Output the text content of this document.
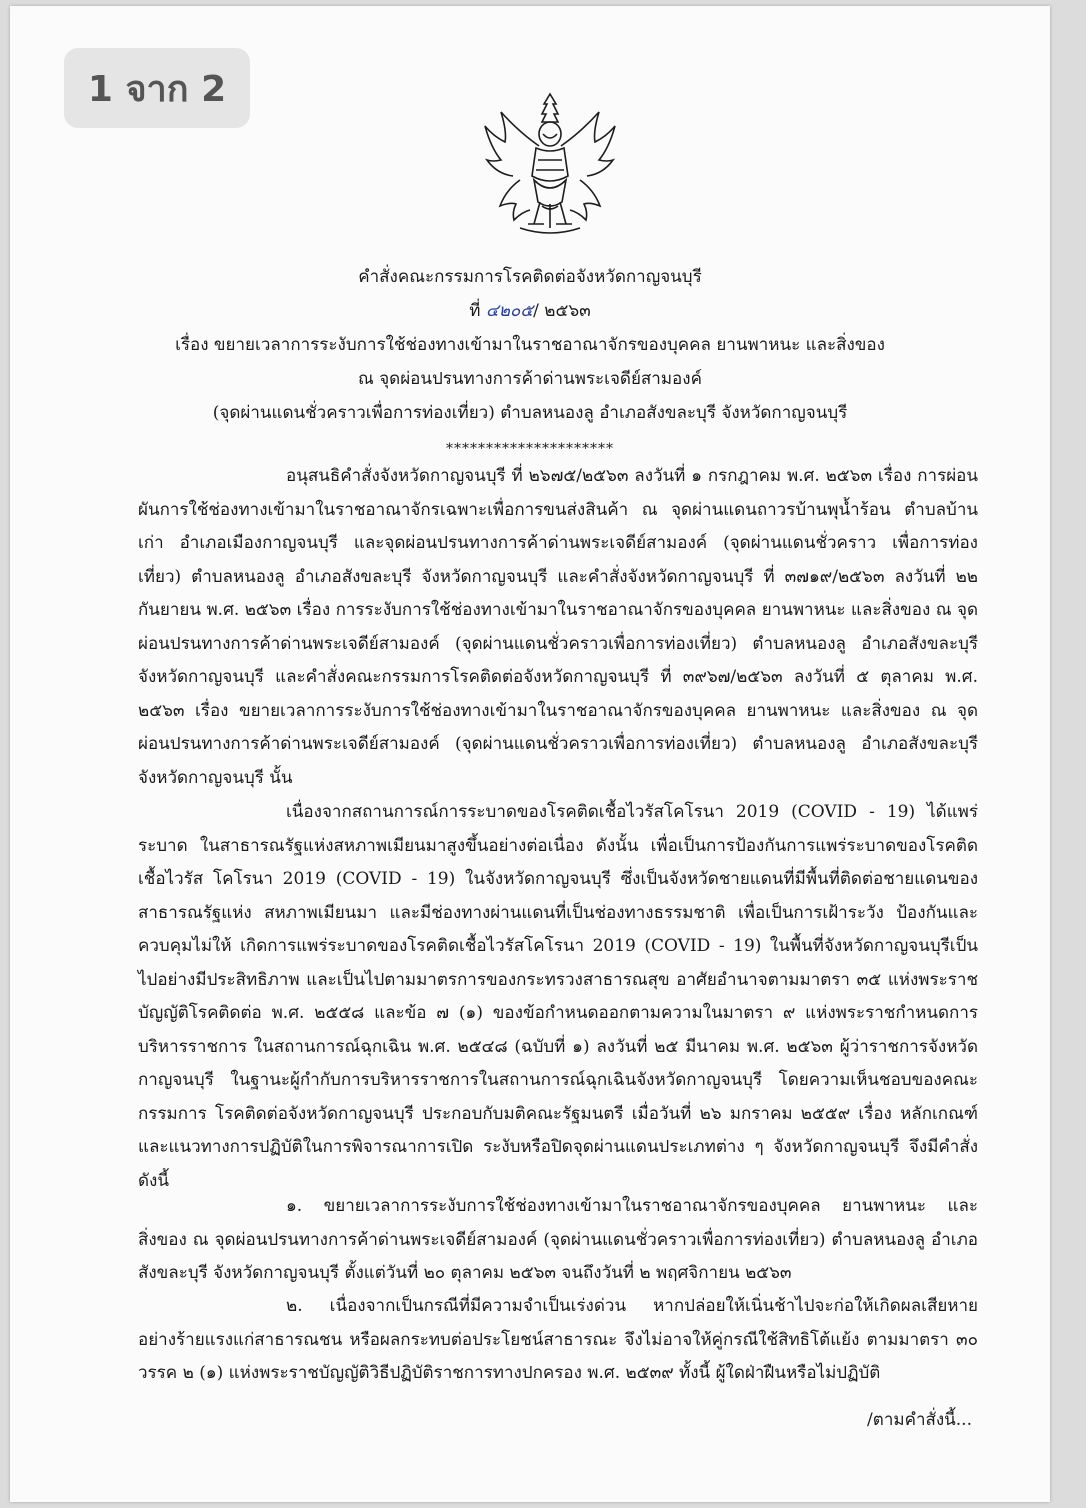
1 จาก 2
คำสั่งคณะกรรมการโรคติดต่อจังหวัดกาญจนบุรี
ที่ ๔๒๐๕/ ๒๕๖๓
เรื่อง ขยายเวลาการระงับการใช้ช่องทางเข้ามาในราชอาณาจักรของบุคคล ยานพาหนะ และสิ่งของ
ณ จุดผ่อนปรนทางการค้าด่านพระเจดีย์สามองค์
(จุดผ่านแดนชั่วคราวเพื่อการท่องเที่ยว) ตำบลหนองลู อำเภอสังขละบุรี จังหวัดกาญจนบุรี
*********************

อนุสนธิคำสั่งจังหวัดกาญจนบุรี ที่ ๒๖๗๕/๒๕๖๓ ลงวันที่ ๑ กรกฎาคม พ.ศ. ๒๕๖๓ เรื่อง การผ่อนผันการใช้ช่องทางเข้ามาในราชอาณาจักรเฉพาะเพื่อการขนส่งสินค้า ณ จุดผ่านแดนถาวรบ้านพุน้ำร้อน ตำบลบ้านเก่า อำเภอเมืองกาญจนบุรี และจุดผ่อนปรนทางการค้าด่านพระเจดีย์สามองค์ (จุดผ่านแดนชั่วคราว เพื่อการท่องเที่ยว) ตำบลหนองลู อำเภอสังขละบุรี จังหวัดกาญจนบุรี และคำสั่งจังหวัดกาญจนบุรี ที่ ๓๗๑๙/๒๕๖๓ ลงวันที่ ๒๒ กันยายน พ.ศ. ๒๕๖๓ เรื่อง การระงับการใช้ช่องทางเข้ามาในราชอาณาจักรของบุคคล ยานพาหนะ และสิ่งของ ณ จุดผ่อนปรนทางการค้าด่านพระเจดีย์สามองค์ (จุดผ่านแดนชั่วคราวเพื่อการท่องเที่ยว) ตำบลหนองลู อำเภอสังขละบุรี จังหวัดกาญจนบุรี และคำสั่งคณะกรรมการโรคติดต่อจังหวัดกาญจนบุรี ที่ ๓๙๖๗/๒๕๖๓ ลงวันที่ ๕ ตุลาคม พ.ศ. ๒๕๖๓ เรื่อง ขยายเวลาการระงับการใช้ช่องทางเข้ามาในราชอาณาจักรของบุคคล ยานพาหนะ และสิ่งของ ณ จุดผ่อนปรนทางการค้าด่านพระเจดีย์สามองค์ (จุดผ่านแดนชั่วคราวเพื่อการท่องเที่ยว) ตำบลหนองลู อำเภอสังขละบุรี จังหวัดกาญจนบุรี นั้น

เนื่องจากสถานการณ์การระบาดของโรคติดเชื้อไวรัสโคโรนา 2019 (COVID - 19) ได้แพร่ระบาด ในสาธารณรัฐแห่งสหภาพเมียนมาสูงขึ้นอย่างต่อเนื่อง ดังนั้น เพื่อเป็นการป้องกันการแพร่ระบาดของโรคติดเชื้อไวรัส โคโรนา 2019 (COVID - 19) ในจังหวัดกาญจนบุรี ซึ่งเป็นจังหวัดชายแดนที่มีพื้นที่ติดต่อชายแดนของสาธารณรัฐแห่ง สหภาพเมียนมา และมีช่องทางผ่านแดนที่เป็นช่องทางธรรมชาติ เพื่อเป็นการเฝ้าระวัง ป้องกันและควบคุมไม่ให้ เกิดการแพร่ระบาดของโรคติดเชื้อไวรัสโคโรนา 2019 (COVID - 19) ในพื้นที่จังหวัดกาญจนบุรีเป็นไปอย่างมีประสิทธิภาพ และเป็นไปตามมาตรการของกระทรวงสาธารณสุข อาศัยอำนาจตามมาตรา ๓๕ แห่งพระราชบัญญัติโรคติดต่อ พ.ศ. ๒๕๕๘ และข้อ ๗ (๑) ของข้อกำหนดออกตามความในมาตรา ๙ แห่งพระราชกำหนดการบริหารราชการ ในสถานการณ์ฉุกเฉิน พ.ศ. ๒๕๔๘ (ฉบับที่ ๑) ลงวันที่ ๒๕ มีนาคม พ.ศ. ๒๕๖๓ ผู้ว่าราชการจังหวัดกาญจนบุรี ในฐานะผู้กำกับการบริหารราชการในสถานการณ์ฉุกเฉินจังหวัดกาญจนบุรี โดยความเห็นชอบของคณะกรรมการ โรคติดต่อจังหวัดกาญจนบุรี ประกอบกับมติคณะรัฐมนตรี เมื่อวันที่ ๒๖ มกราคม ๒๕๕๙ เรื่อง หลักเกณฑ์ และแนวทางการปฏิบัติในการพิจารณาการเปิด ระงับหรือปิดจุดผ่านแดนประเภทต่าง ๆ จังหวัดกาญจนบุรี จึงมีคำสั่ง ดังนี้

๑. ขยายเวลาการระงับการใช้ช่องทางเข้ามาในราชอาณาจักรของบุคคล ยานพาหนะ และสิ่งของ ณ จุดผ่อนปรนทางการค้าด่านพระเจดีย์สามองค์ (จุดผ่านแดนชั่วคราวเพื่อการท่องเที่ยว) ตำบลหนองลู อำเภอสังขละบุรี จังหวัดกาญจนบุรี ตั้งแต่วันที่ ๒๐ ตุลาคม ๒๕๖๓ จนถึงวันที่ ๒ พฤศจิกายน ๒๕๖๓

๒. เนื่องจากเป็นกรณีที่มีความจำเป็นเร่งด่วน หากปล่อยให้เนิ่นช้าไปจะก่อให้เกิดผลเสียหาย อย่างร้ายแรงแก่สาธารณชน หรือผลกระทบต่อประโยชน์สาธารณะ จึงไม่อาจให้คู่กรณีใช้สิทธิโต้แย้ง ตามมาตรา ๓๐ วรรค ๒ (๑) แห่งพระราชบัญญัติวิธีปฏิบัติราชการทางปกครอง พ.ศ. ๒๕๓๙ ทั้งนี้ ผู้ใดฝ่าฝืนหรือไม่ปฏิบัติ

/ตามคำสั่งนี้...
